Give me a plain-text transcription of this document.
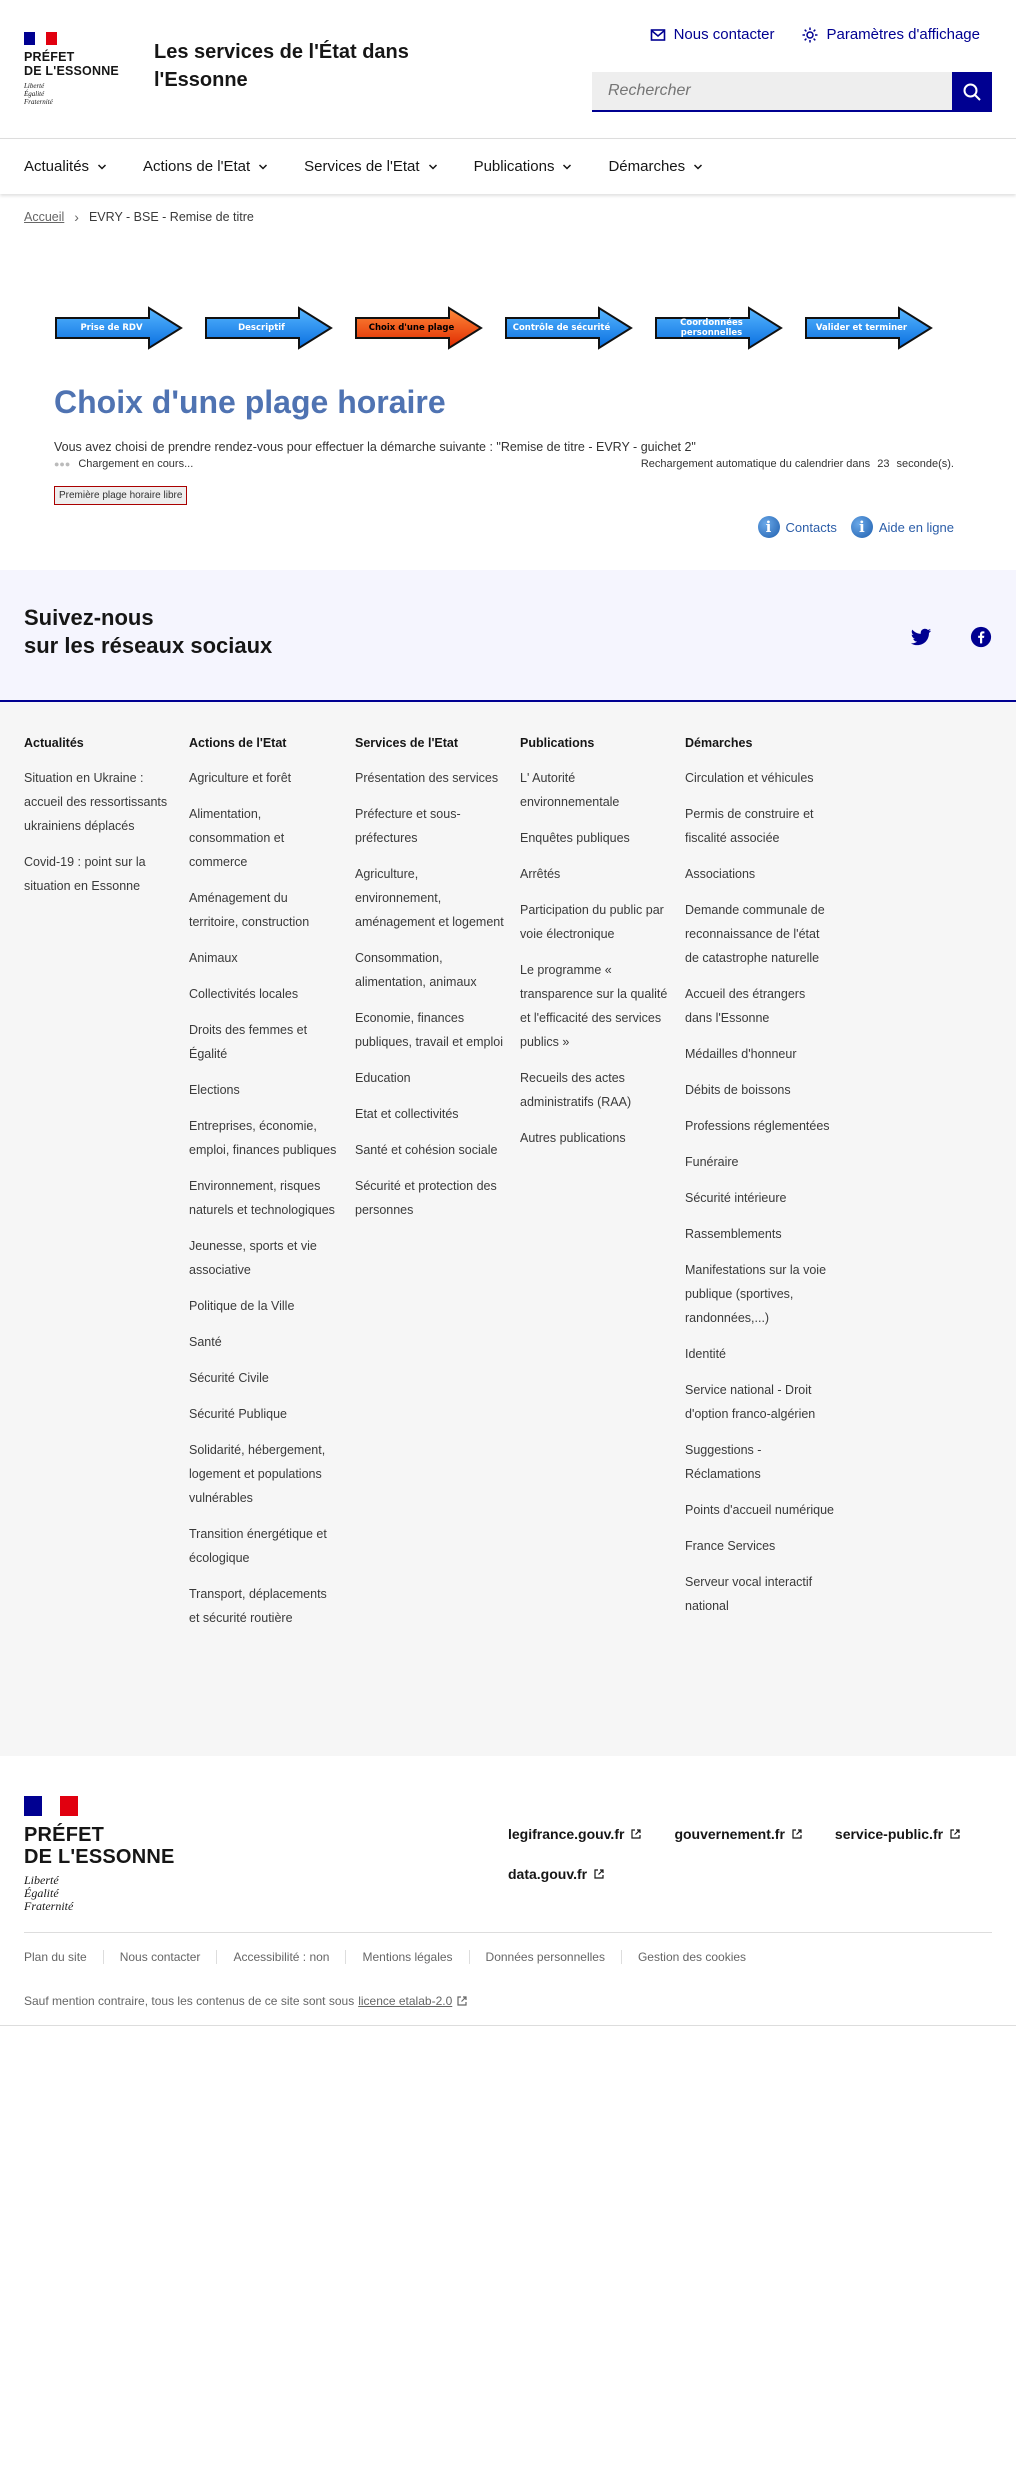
PRÉFET
DE L'ESSONNE
Liberté
Égalité
Fraternité
Les services de l'État dans l'Essonne
Nous contacter	Paramètres d'affichage
Rechercher
Actualités	Actions de l'Etat	Services de l'Etat	Publications	Démarches
Accueil › EVRY - BSE - Remise de titre
Prise de RDV	Descriptif	Choix d'une plage	Contrôle de sécurité	Coordonnées personnelles	Valider et terminer
Choix d'une plage horaire
Vous avez choisi de prendre rendez-vous pour effectuer la démarche suivante : "Remise de titre - EVRY - guichet 2"
●●● Chargement en cours...	Rechargement automatique du calendrier dans 23 seconde(s).
Première plage horaire libre
i	Contacts	i	Aide en ligne
Suivez-nous
sur les réseaux sociaux
Actualités
Situation en Ukraine : accueil des ressortissants ukrainiens déplacés
Covid-19 : point sur la situation en Essonne
Actions de l'Etat
Agriculture et forêt
Alimentation, consommation et commerce
Aménagement du territoire, construction
Animaux
Collectivités locales
Droits des femmes et Égalité
Elections
Entreprises, économie, emploi, finances publiques
Environnement, risques naturels et technologiques
Jeunesse, sports et vie associative
Politique de la Ville
Santé
Sécurité Civile
Sécurité Publique
Solidarité, hébergement, logement et populations vulnérables
Transition énergétique et écologique
Transport, déplacements et sécurité routière
Services de l'Etat
Présentation des services
Préfecture et sous-préfectures
Agriculture, environnement, aménagement et logement
Consommation, alimentation, animaux
Economie, finances publiques, travail et emploi
Education
Etat et collectivités
Santé et cohésion sociale
Sécurité et protection des personnes
Publications
L' Autorité environnementale
Enquêtes publiques
Arrêtés
Participation du public par voie électronique
Le programme « transparence sur la qualité et l'efficacité des services publics »
Recueils des actes administratifs (RAA)
Autres publications
Démarches
Circulation et véhicules
Permis de construire et fiscalité associée
Associations
Demande communale de reconnaissance de l'état de catastrophe naturelle
Accueil des étrangers dans l'Essonne
Médailles d'honneur
Débits de boissons
Professions réglementées
Funéraire
Sécurité intérieure
Rassemblements
Manifestations sur la voie publique (sportives, randonnées,...)
Identité
Service national - Droit d'option franco-algérien
Suggestions - Réclamations
Points d'accueil numérique
France Services
Serveur vocal interactif national
PRÉFET
DE L'ESSONNE
Liberté
Égalité
Fraternité
legifrance.gouv.fr	gouvernement.fr	service-public.fr
data.gouv.fr
Plan du site	Nous contacter	Accessibilité : non	Mentions légales	Données personnelles	Gestion des cookies
Sauf mention contraire, tous les contenus de ce site sont sous licence etalab-2.0
